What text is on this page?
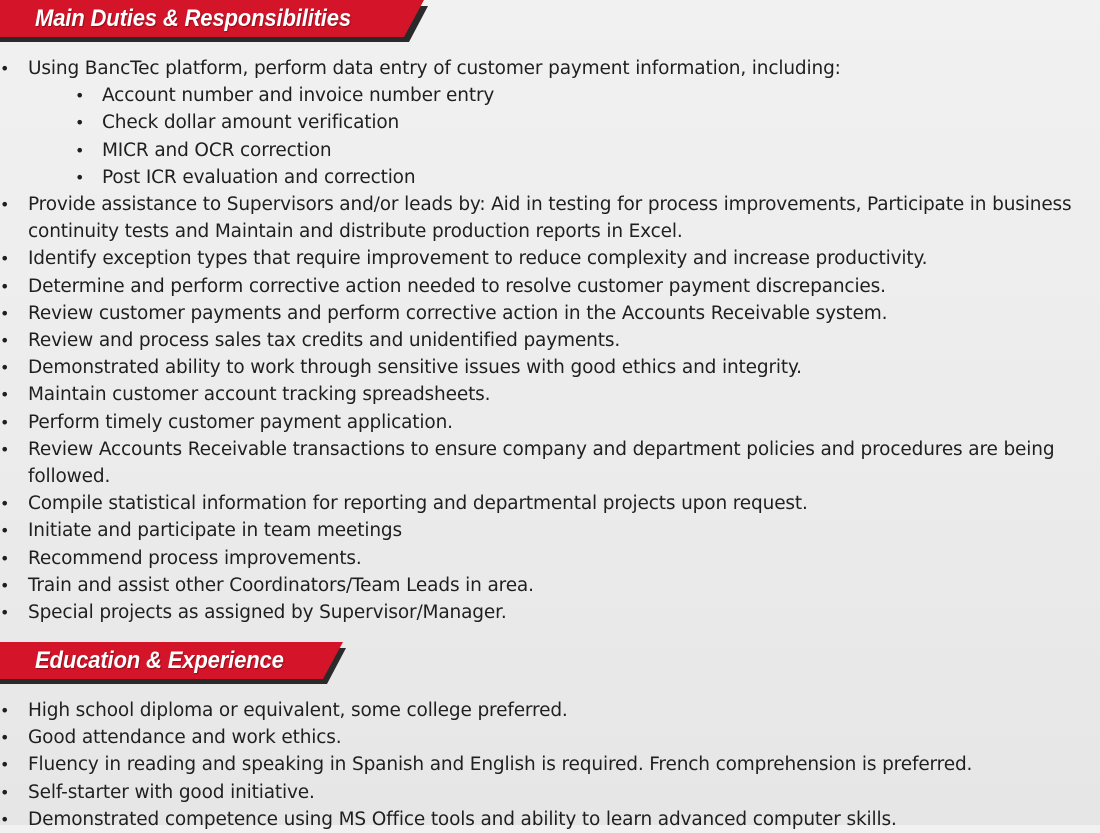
Main Duties & Responsibilities
• Using BancTec platform, perform data entry of customer payment information, including:
• Account number and invoice number entry
• Check dollar amount verification
• MICR and OCR correction
• Post ICR evaluation and correction
• Provide assistance to Supervisors and/or leads by: Aid in testing for process improvements, Participate in business continuity tests and Maintain and distribute production reports in Excel.
• Identify exception types that require improvement to reduce complexity and increase productivity.
• Determine and perform corrective action needed to resolve customer payment discrepancies.
• Review customer payments and perform corrective action in the Accounts Receivable system.
• Review and process sales tax credits and unidentified payments.
• Demonstrated ability to work through sensitive issues with good ethics and integrity.
• Maintain customer account tracking spreadsheets.
• Perform timely customer payment application.
• Review Accounts Receivable transactions to ensure company and department policies and procedures are being followed.
• Compile statistical information for reporting and departmental projects upon request.
• Initiate and participate in team meetings
• Recommend process improvements.
• Train and assist other Coordinators/Team Leads in area.
• Special projects as assigned by Supervisor/Manager.
Education & Experience
• High school diploma or equivalent, some college preferred.
• Good attendance and work ethics.
• Fluency in reading and speaking in Spanish and English is required. French comprehension is preferred.
• Self-starter with good initiative.
• Demonstrated competence using MS Office tools and ability to learn advanced computer skills.
